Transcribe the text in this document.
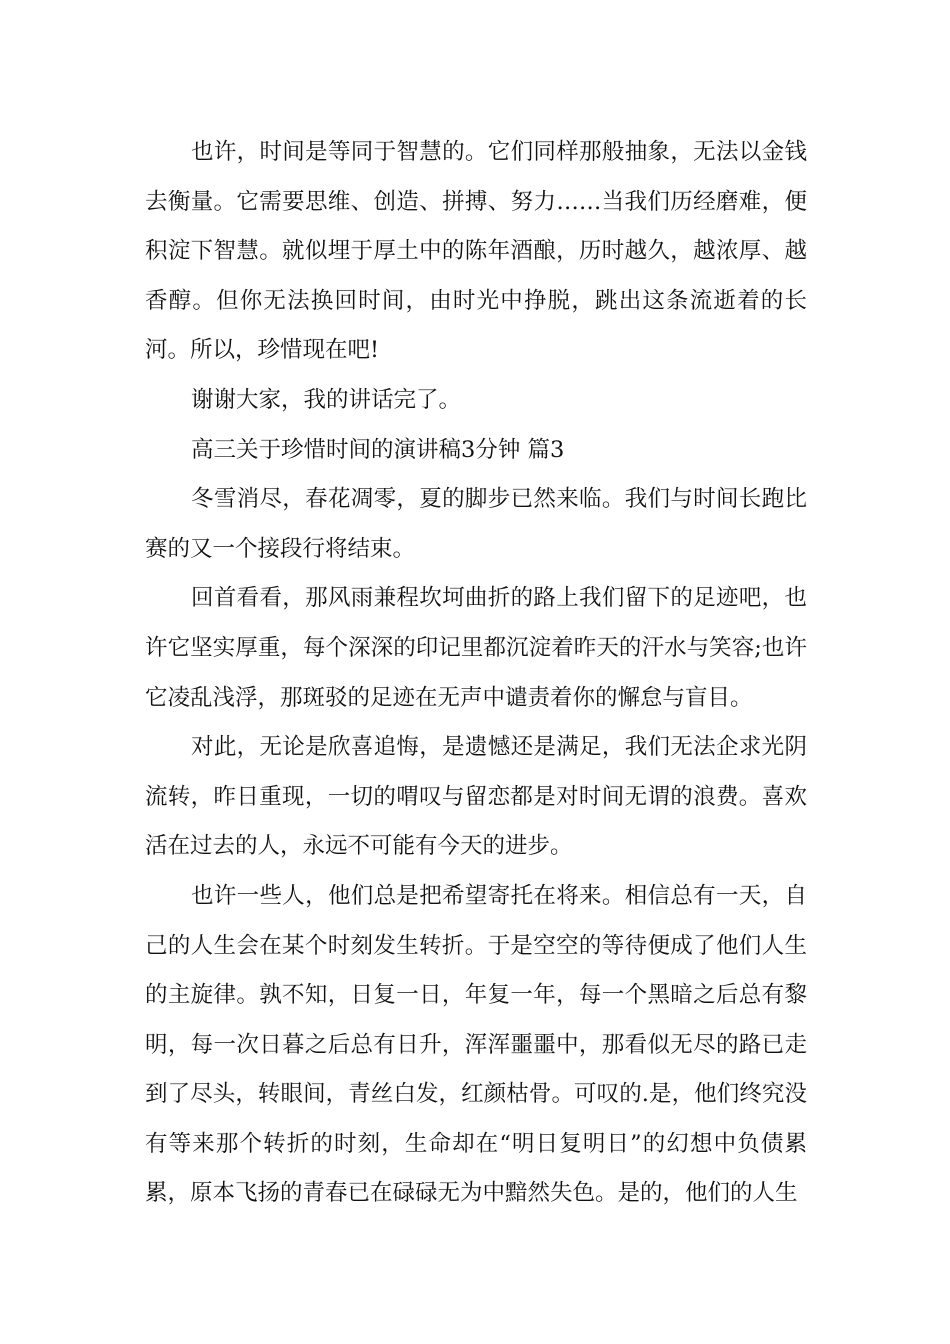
也许，时间是等同于智慧的。它们同样那般抽象，无法以金钱去衡量。它需要思维、创造、拼搏、努力……当我们历经磨难，便积淀下智慧。就似埋于厚土中的陈年酒酿，历时越久，越浓厚、越香醇。但你无法换回时间，由时光中挣脱，跳出这条流逝着的长河。所以，珍惜现在吧!

谢谢大家，我的讲话完了。

高三关于珍惜时间的演讲稿3分钟 篇3

冬雪消尽，春花凋零，夏的脚步已然来临。我们与时间长跑比赛的又一个接段行将结束。

回首看看，那风雨兼程坎坷曲折的路上我们留下的足迹吧，也许它坚实厚重，每个深深的印记里都沉淀着昨天的汗水与笑容;也许它凌乱浅浮，那斑驳的足迹在无声中谴责着你的懈怠与盲目。

对此，无论是欣喜追悔，是遗憾还是满足，我们无法企求光阴流转，昨日重现，一切的喟叹与留恋都是对时间无谓的浪费。喜欢活在过去的人，永远不可能有今天的进步。

也许一些人，他们总是把希望寄托在将来。相信总有一天，自己的人生会在某个时刻发生转折。于是空空的等待便成了他们人生的主旋律。孰不知，日复一日，年复一年，每一个黑暗之后总有黎明，每一次日暮之后总有日升，浑浑噩噩中，那看似无尽的路已走到了尽头，转眼间，青丝白发，红颜枯骨。可叹的.是，他们终究没有等来那个转折的时刻，生命却在“明日复明日”的幻想中负债累累，原本飞扬的青春已在碌碌无为中黯然失色。是的，他们的人生
